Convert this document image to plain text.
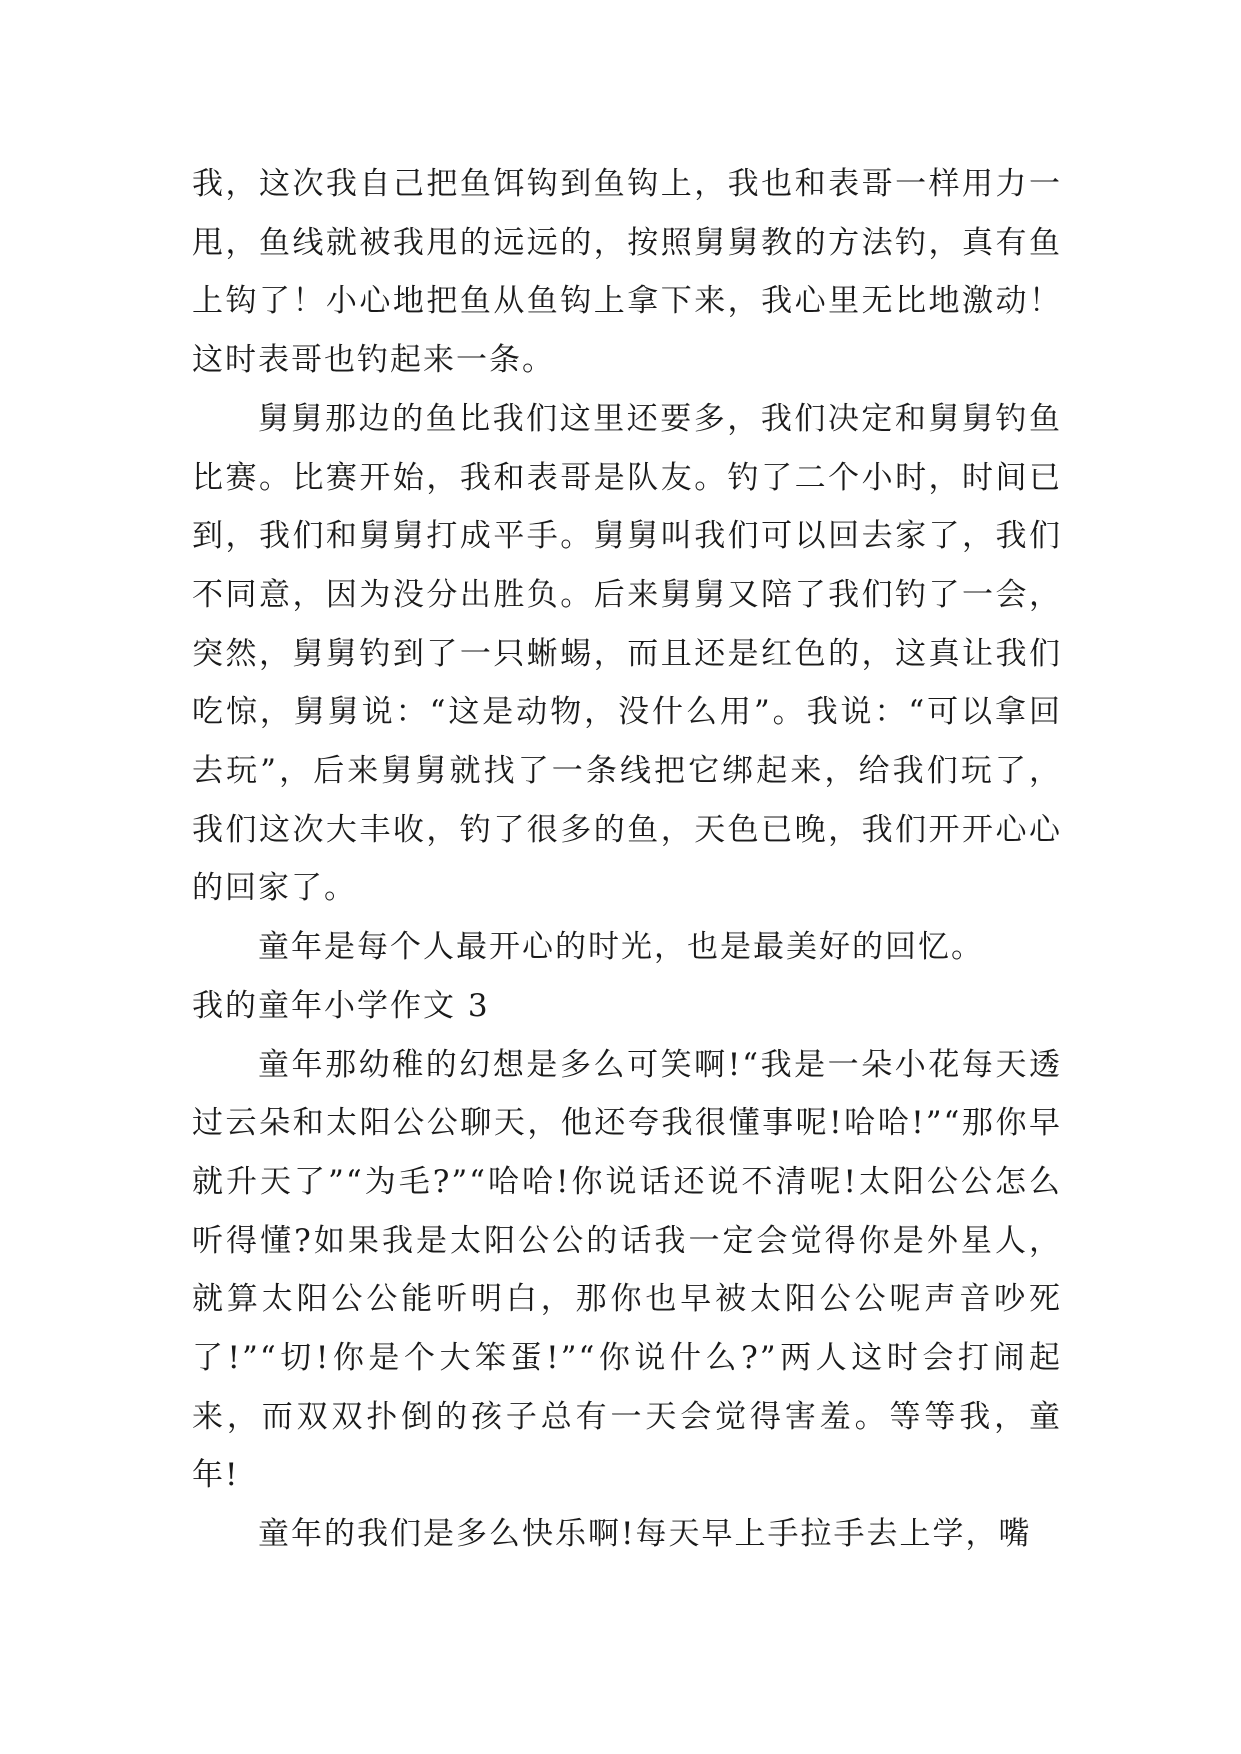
我，这次我自己把鱼饵钩到鱼钩上，我也和表哥一样用力一甩，鱼线就被我甩的远远的，按照舅舅教的方法钓，真有鱼上钩了！小心地把鱼从鱼钩上拿下来，我心里无比地激动！这时表哥也钓起来一条。

舅舅那边的鱼比我们这里还要多，我们决定和舅舅钓鱼比赛。比赛开始，我和表哥是队友。钓了二个小时，时间已到，我们和舅舅打成平手。舅舅叫我们可以回去家了，我们不同意，因为没分出胜负。后来舅舅又陪了我们钓了一会，突然，舅舅钓到了一只蜥蜴，而且还是红色的，这真让我们吃惊，舅舅说：“这是动物，没什么用”。我说：“可以拿回去玩”，后来舅舅就找了一条线把它绑起来，给我们玩了，我们这次大丰收，钓了很多的鱼，天色已晚，我们开开心心的回家了。

童年是每个人最开心的时光，也是最美好的回忆。

我的童年小学作文 3

童年那幼稚的幻想是多么可笑啊!“我是一朵小花每天透过云朵和太阳公公聊天，他还夸我很懂事呢!哈哈!”“那你早就升天了”“为毛?”“哈哈!你说话还说不清呢!太阳公公怎么听得懂?如果我是太阳公公的话我一定会觉得你是外星人，就算太阳公公能听明白，那你也早被太阳公公呢声音吵死了!”“切!你是个大笨蛋!”“你说什么?”两人这时会打闹起来，而双双扑倒的孩子总有一天会觉得害羞。等等我，童年!

童年的我们是多么快乐啊!每天早上手拉手去上学，嘴
